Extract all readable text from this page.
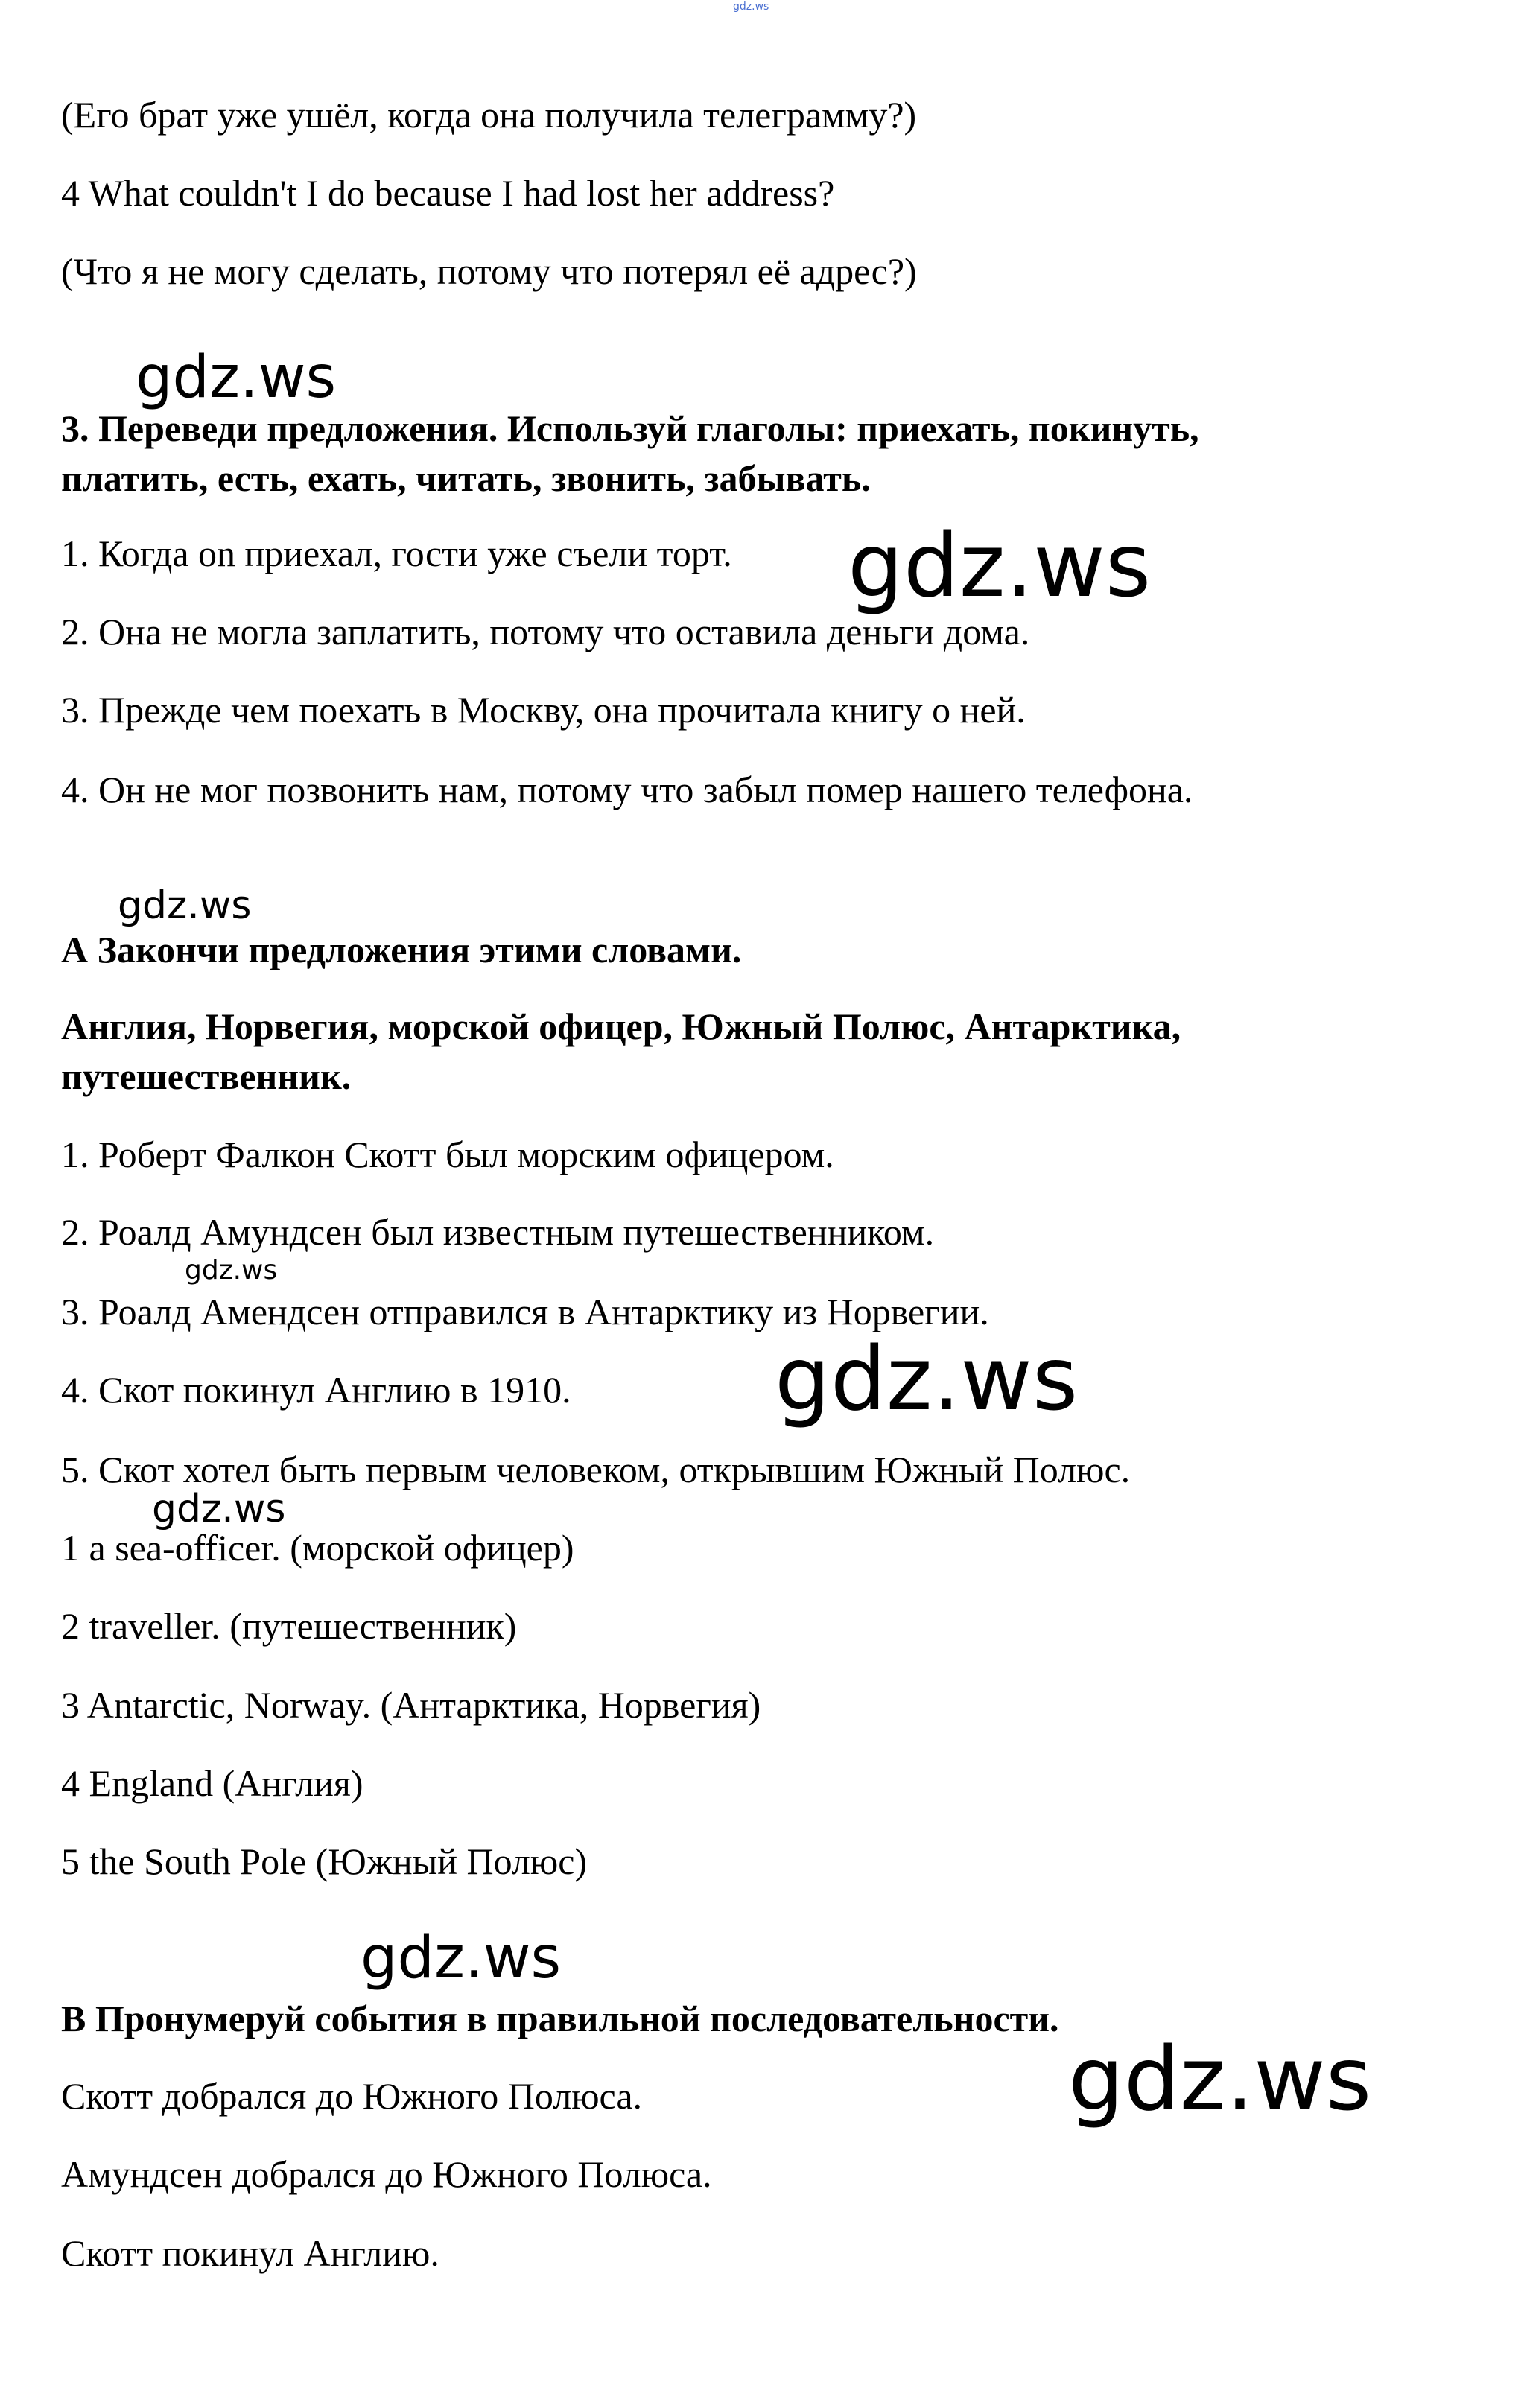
gdz.ws
(Его брат уже ушёл, когда она получила телеграмму?)
4 What couldn't I do because I had lost her address?
(Что я не могу сделать, потому что потерял её адрес?)
gdz.ws
3. Переведи предложения. Используй глаголы: приехать, покинуть,
платить, есть, ехать, читать, звонить, забывать.
1. Когда on приехал, гости уже съели торт. gdz.ws
2. Она не могла заплатить, потому что оставила деньги дома.
3. Прежде чем поехать в Москву, она прочитала книгу о ней.
4. Он не мог позвонить нам, потому что забыл помер нашего телефона.
gdz.ws
А Закончи предложения этими словами.
Англия, Норвегия, морской офицер, Южный Полюс, Антарктика,
путешественник.
1. Роберт Фалкон Скотт был морским офицером.
2. Роалд Амундсен был известным путешественником.
gdz.ws
3. Роалд Амендсен отправился в Антарктику из Норвегии.
4. Скот покинул Англию в 1910. gdz.ws
5. Скот хотел быть первым человеком, открывшим Южный Полюс.
gdz.ws
1 a sea-officer. (морской офицер)
2 traveller. (путешественник)
3 Antarctic, Norway. (Антарктика, Норвегия)
4 England (Англия)
5 the South Pole (Южный Полюс)
gdz.ws
В Пронумеруй события в правильной последовательности.
Скотт добрался до Южного Полюса.	gdz.ws
Амундсен добрался до Южного Полюса.
Скотт покинул Англию.
